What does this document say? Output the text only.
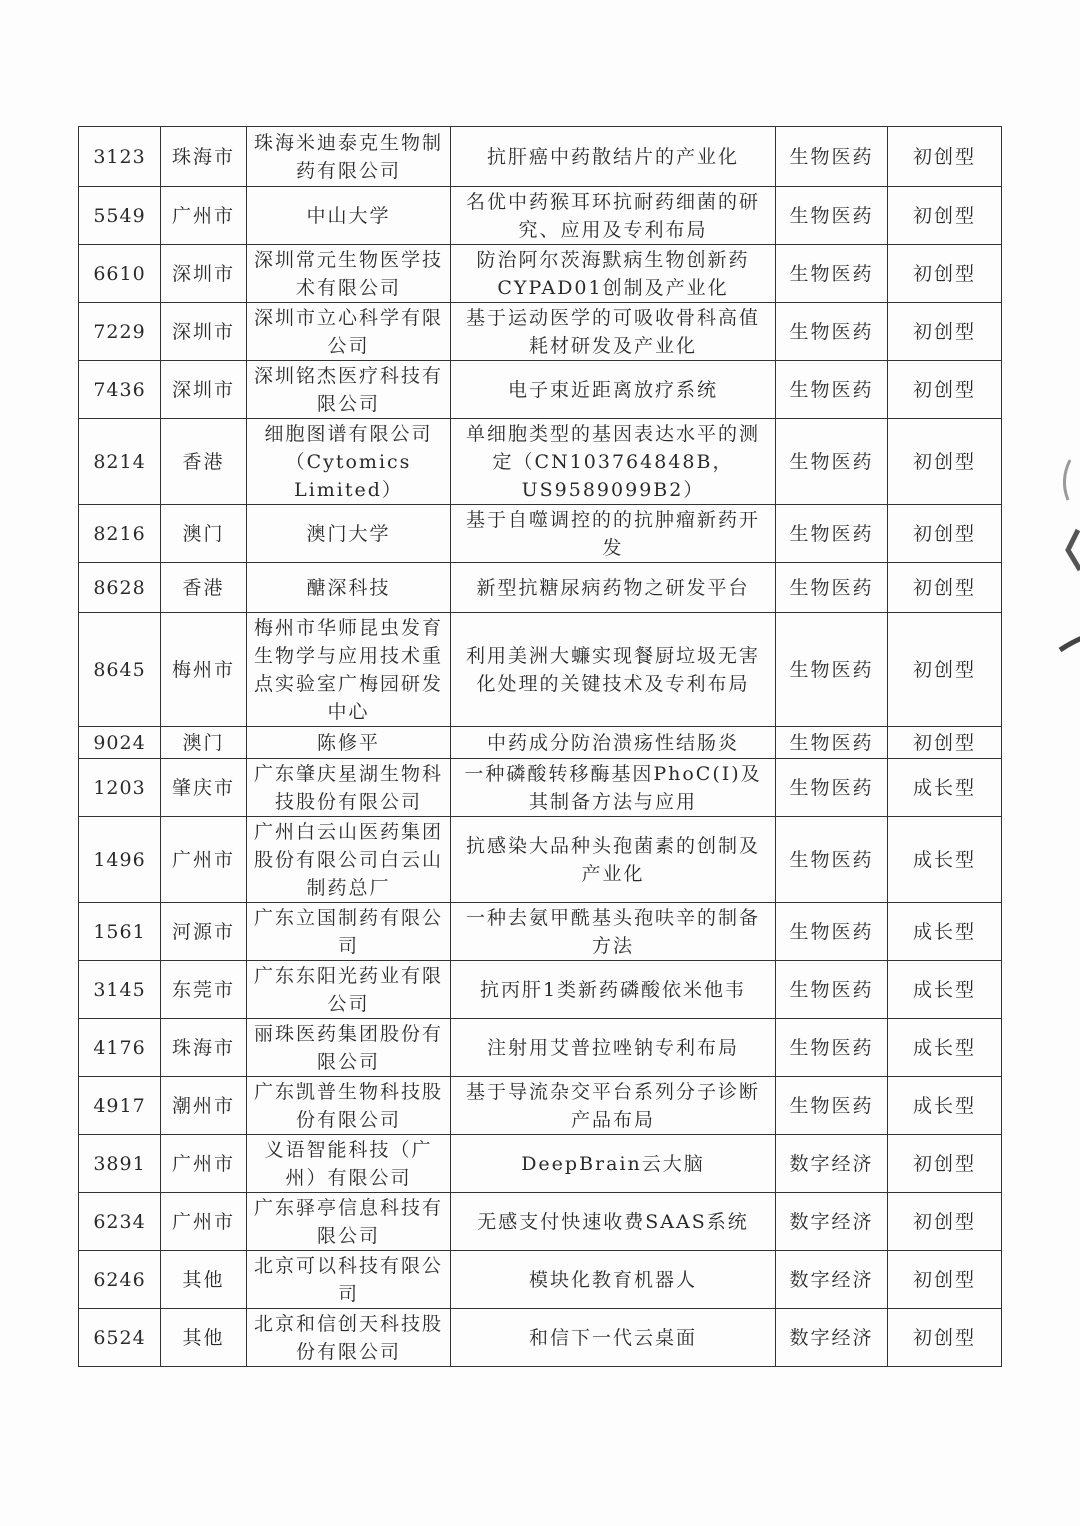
3123	珠海市	珠海米迪泰克生物制药有限公司	抗肝癌中药散结片的产业化	生物医药	初创型
5549	广州市	中山大学	名优中药猴耳环抗耐药细菌的研究、应用及专利布局	生物医药	初创型
6610	深圳市	深圳常元生物医学技术有限公司	防治阿尔茨海默病生物创新药CYPAD01创制及产业化	生物医药	初创型
7229	深圳市	深圳市立心科学有限公司	基于运动医学的可吸收骨科高值耗材研发及产业化	生物医药	初创型
7436	深圳市	深圳铭杰医疗科技有限公司	电子束近距离放疗系统	生物医药	初创型
8214	香港	细胞图谱有限公司（Cytomics Limited）	单细胞类型的基因表达水平的测定（CN103764848B，US9589099B2）	生物医药	初创型
8216	澳门	澳门大学	基于自噬调控的的抗肿瘤新药开发	生物医药	初创型
8628	香港	醣深科技	新型抗糖尿病药物之研发平台	生物医药	初创型
8645	梅州市	梅州市华师昆虫发育生物学与应用技术重点实验室广梅园研发中心	利用美洲大蠊实现餐厨垃圾无害化处理的关键技术及专利布局	生物医药	初创型
9024	澳门	陈修平	中药成分防治溃疡性结肠炎	生物医药	初创型
1203	肇庆市	广东肇庆星湖生物科技股份有限公司	一种磷酸转移酶基因PhoC(I)及其制备方法与应用	生物医药	成长型
1496	广州市	广州白云山医药集团股份有限公司白云山制药总厂	抗感染大品种头孢菌素的创制及产业化	生物医药	成长型
1561	河源市	广东立国制药有限公司	一种去氨甲酰基头孢呋辛的制备方法	生物医药	成长型
3145	东莞市	广东东阳光药业有限公司	抗丙肝1类新药磷酸依米他韦	生物医药	成长型
4176	珠海市	丽珠医药集团股份有限公司	注射用艾普拉唑钠专利布局	生物医药	成长型
4917	潮州市	广东凯普生物科技股份有限公司	基于导流杂交平台系列分子诊断产品布局	生物医药	成长型
3891	广州市	义语智能科技（广州）有限公司	DeepBrain云大脑	数字经济	初创型
6234	广州市	广东驿亭信息科技有限公司	无感支付快速收费SAAS系统	数字经济	初创型
6246	其他	北京可以科技有限公司	模块化教育机器人	数字经济	初创型
6524	其他	北京和信创天科技股份有限公司	和信下一代云桌面	数字经济	初创型
